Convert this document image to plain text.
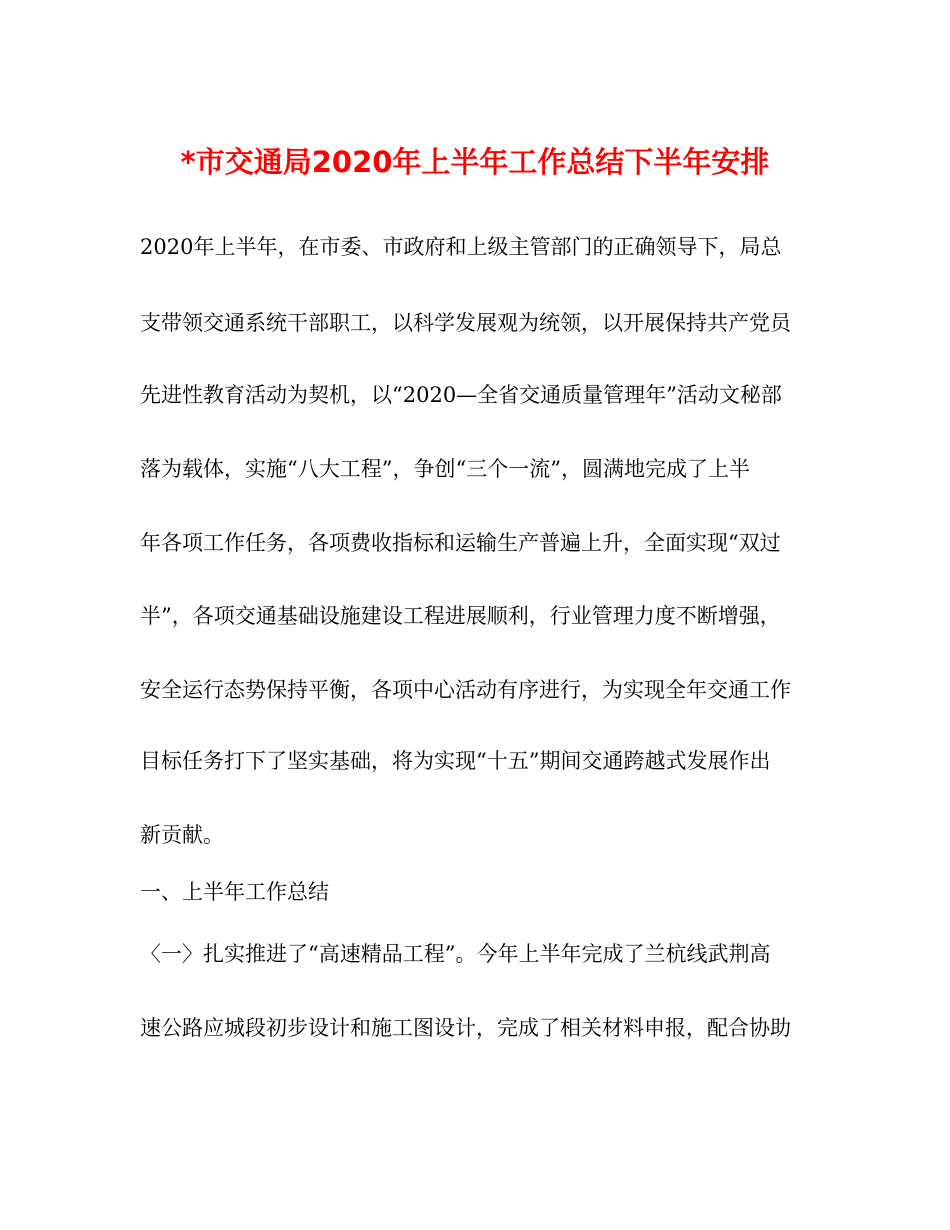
*市交通局2020年上半年工作总结下半年安排
2020年上半年，在市委、市政府和上级主管部门的正确领导下，局总
支带领交通系统干部职工，以科学发展观为统领，以开展保持共产党员
先进性教育活动为契机，以“2020—全省交通质量管理年”活动文秘部
落为载体，实施“八大工程”，争创“三个一流”，圆满地完成了上半
年各项工作任务，各项费收指标和运输生产普遍上升，全面实现“双过
半”，各项交通基础设施建设工程进展顺利，行业管理力度不断增强，
安全运行态势保持平衡，各项中心活动有序进行，为实现全年交通工作
目标任务打下了坚实基础，将为实现“十五”期间交通跨越式发展作出
新贡献。
一、上半年工作总结
〈一〉扎实推进了“高速精品工程”。今年上半年完成了兰杭线武荆高
速公路应城段初步设计和施工图设计，完成了相关材料申报，配合协助
